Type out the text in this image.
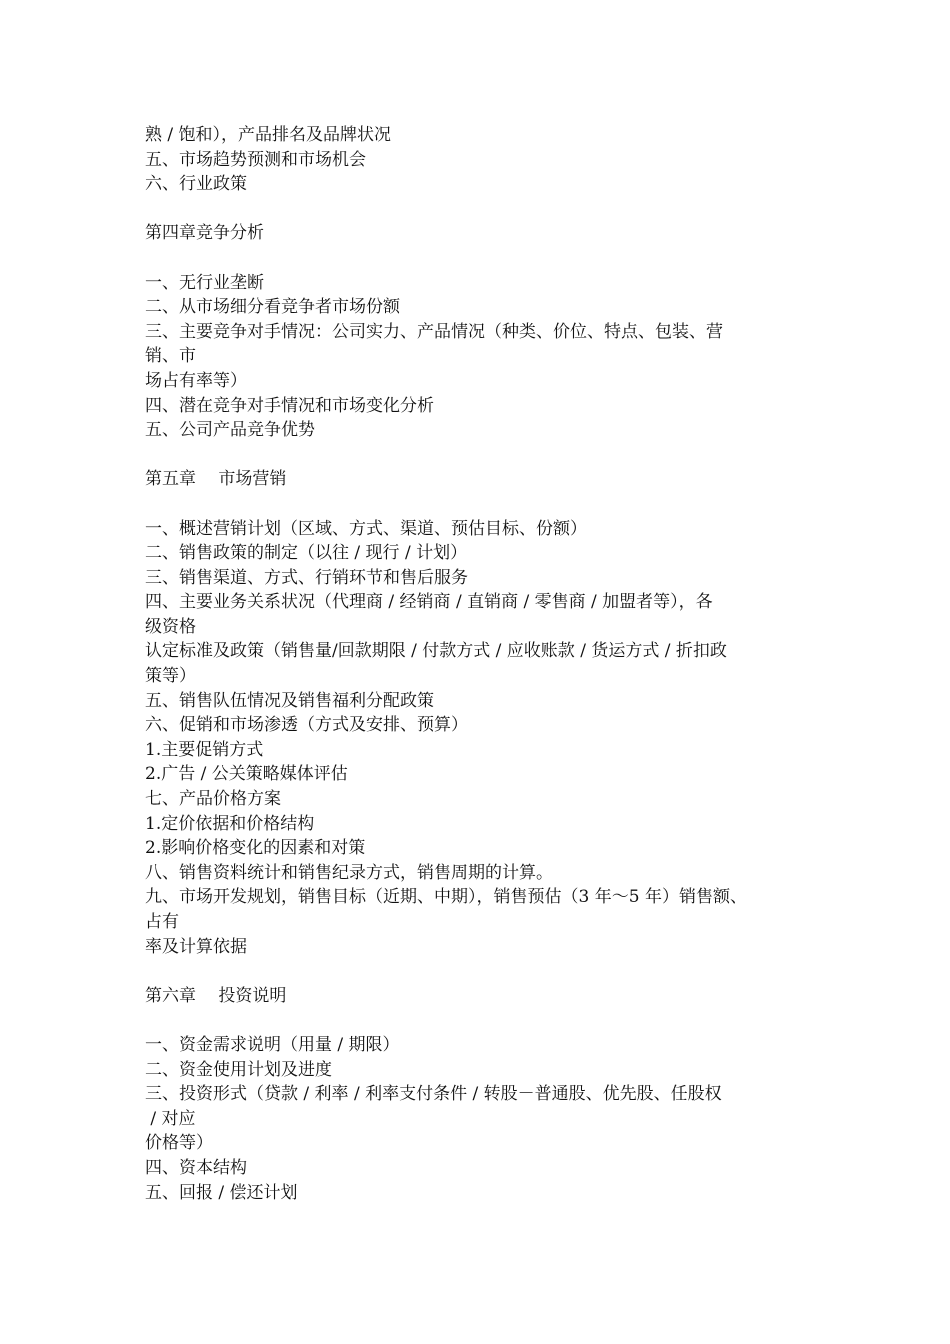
熟 / 饱和），产品排名及品牌状况
五、市场趋势预测和市场机会
六、行业政策
第四章竞争分析
一、无行业垄断
二、从市场细分看竞争者市场份额
三、主要竞争对手情况：公司实力、产品情况（种类、价位、特点、包装、营
销、市
场占有率等）
四、潜在竞争对手情况和市场变化分析
五、公司产品竞争优势
第五章　 市场营销
一、概述营销计划（区域、方式、渠道、预估目标、份额）
二、销售政策的制定（以往 / 现行 / 计划）
三、销售渠道、方式、行销环节和售后服务
四、主要业务关系状况（代理商 / 经销商 / 直销商 / 零售商 / 加盟者等），各
级资格
认定标准及政策（销售量/回款期限 / 付款方式 / 应收账款 / 货运方式 / 折扣政
策等）
五、销售队伍情况及销售福利分配政策
六、促销和市场渗透（方式及安排、预算）
1.主要促销方式
2.广告 / 公关策略媒体评估
七、产品价格方案
1.定价依据和价格结构
2.影响价格变化的因素和对策
八、销售资料统计和销售纪录方式，销售周期的计算。
九、市场开发规划，销售目标（近期、中期），销售预估（3 年～5 年）销售额、
占有
率及计算依据
第六章　 投资说明
一、资金需求说明（用量 / 期限）
二、资金使用计划及进度
三、投资形式（贷款 / 利率 / 利率支付条件 / 转股－普通股、优先股、任股权
/ 对应
价格等）
四、资本结构
五、回报 / 偿还计划
